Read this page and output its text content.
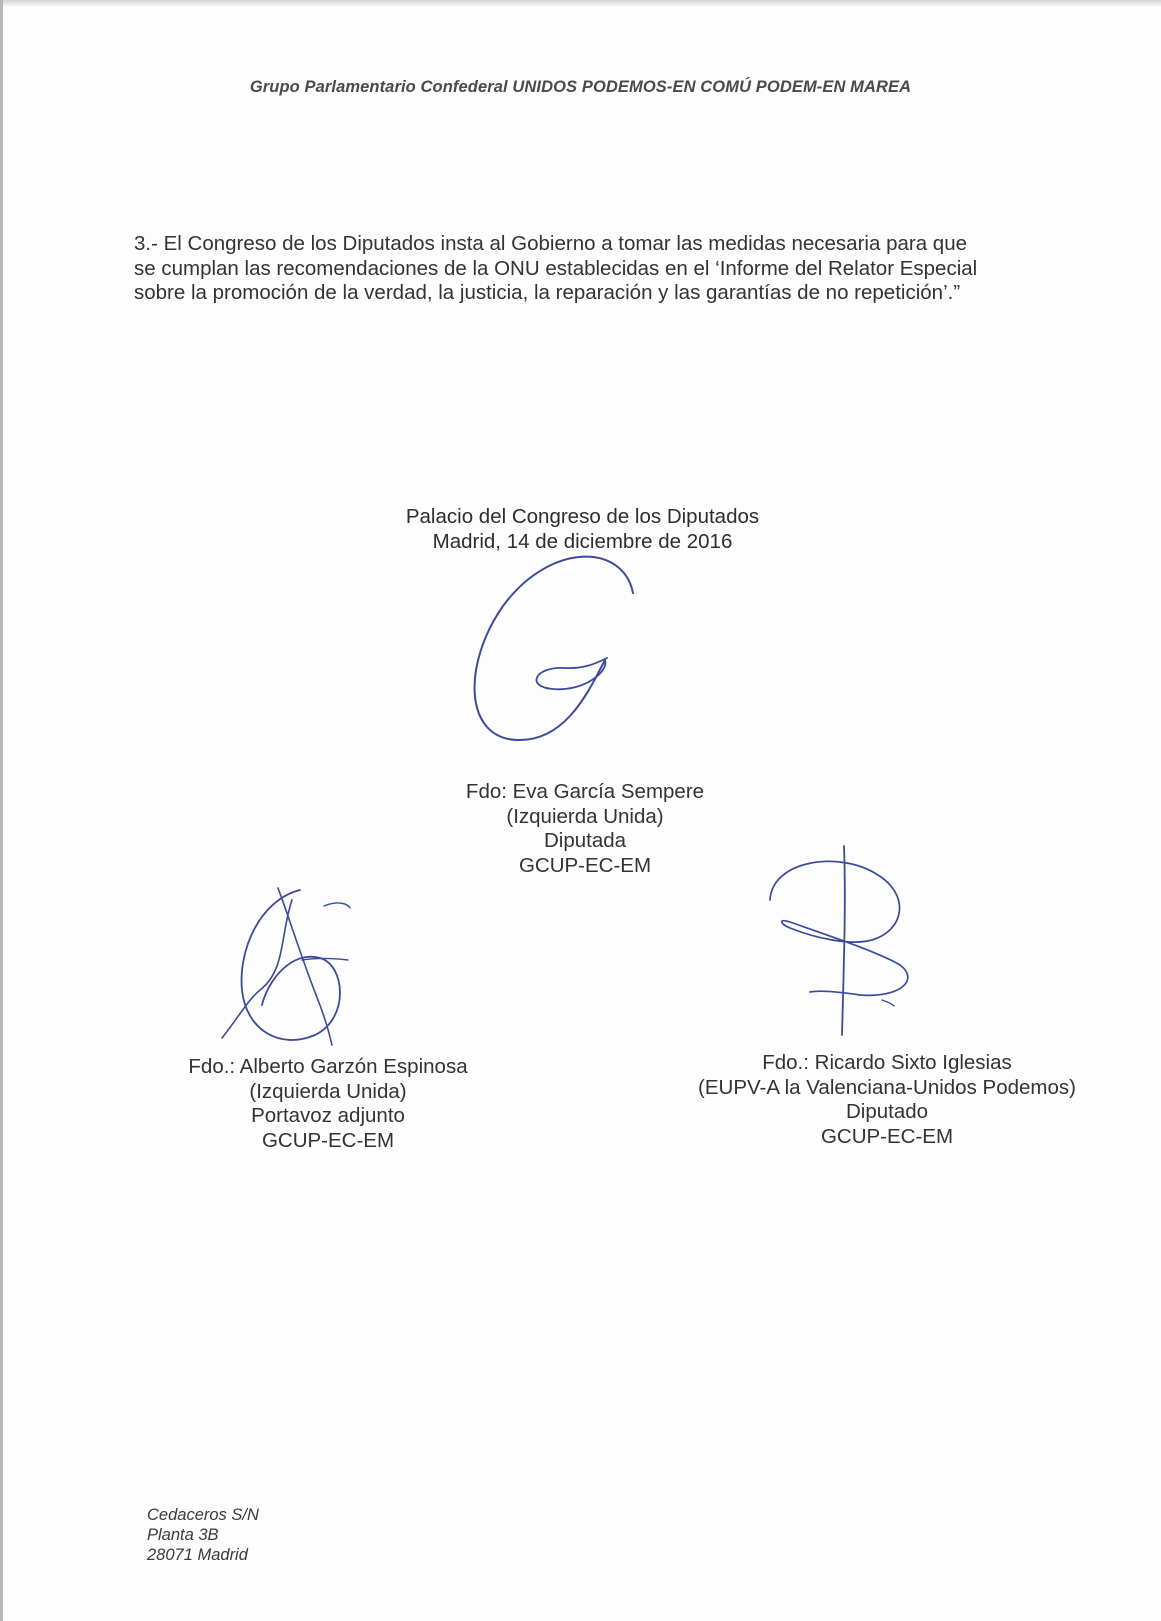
Grupo Parlamentario Confederal UNIDOS PODEMOS-EN COMÚ PODEM-EN MAREA
3.- El Congreso de los Diputados insta al Gobierno a tomar las medidas necesaria para que
se cumplan las recomendaciones de la ONU establecidas en el ‘Informe del Relator Especial
sobre la promoción de la verdad, la justicia, la reparación y las garantías de no repetición’.”
Palacio del Congreso de los Diputados
Madrid, 14 de diciembre de 2016
Fdo: Eva García Sempere
(Izquierda Unida)
Diputada
GCUP-EC-EM
Fdo.: Alberto Garzón Espinosa
(Izquierda Unida)
Portavoz adjunto
GCUP-EC-EM
Fdo.: Ricardo Sixto Iglesias
(EUPV-A la Valenciana-Unidos Podemos)
Diputado
GCUP-EC-EM
Cedaceros S/N
Planta 3B
28071 Madrid
